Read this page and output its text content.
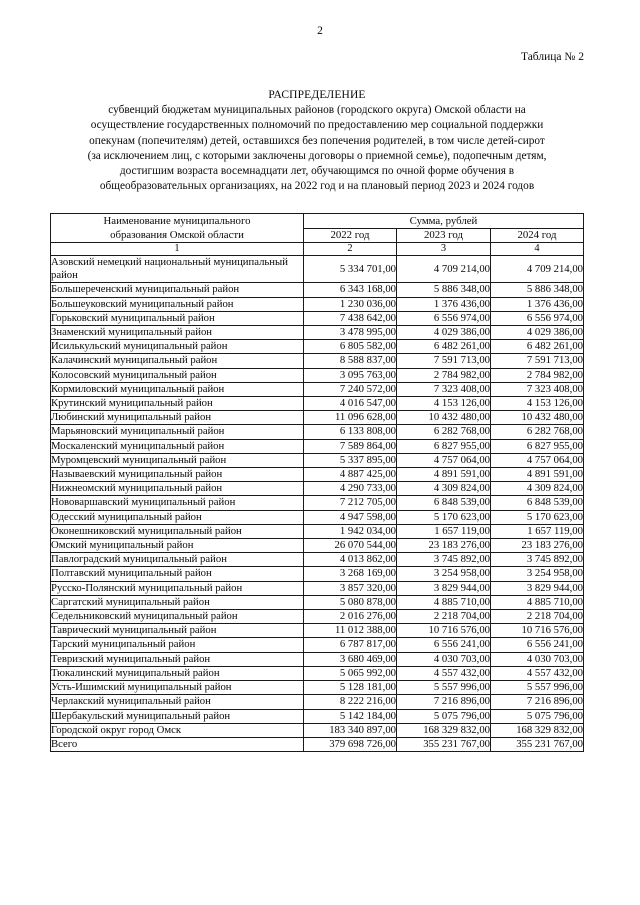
2
Таблица № 2
РАСПРЕДЕЛЕНИЕ

субвенций бюджетам муниципальных районов (городского округа) Омской области на

осуществление государственных полномочий по предоставлению мер социальной поддержки

опекунам (попечителям) детей, оставшихся без попечения родителей, в том числе детей-сирот

(за исключением лиц, с которыми заключены договоры о приемной семье), подопечным детям,

достигшим возраста восемнадцати лет, обучающимся по очной форме обучения в

общеобразовательных организациях, на 2022 год и на плановый период 2023 и 2024 годов

Наименование муниципального
образования Омской области	Сумма, рублей		
	2022 год	2023 год	2024 год
1	2	3	4
Азовский немецкий национальный муниципальный район	5 334 701,00	4 709 214,00	4 709 214,00
Большереченский муниципальный район	6 343 168,00	5 886 348,00	5 886 348,00
Большеуковский муниципальный район	1 230 036,00	1 376 436,00	1 376 436,00
Горьковский муниципальный район	7 438 642,00	6 556 974,00	6 556 974,00
Знаменский муниципальный район	3 478 995,00	4 029 386,00	4 029 386,00
Исилькульский муниципальный район	6 805 582,00	6 482 261,00	6 482 261,00
Калачинский муниципальный район	8 588 837,00	7 591 713,00	7 591 713,00
Колосовский муниципальный район	3 095 763,00	2 784 982,00	2 784 982,00
Кормиловский муниципальный район	7 240 572,00	7 323 408,00	7 323 408,00
Крутинский муниципальный район	4 016 547,00	4 153 126,00	4 153 126,00
Любинский муниципальный район	11 096 628,00	10 432 480,00	10 432 480,00
Марьяновский муниципальный район	6 133 808,00	6 282 768,00	6 282 768,00
Москаленский муниципальный район	7 589 864,00	6 827 955,00	6 827 955,00
Муромцевский муниципальный район	5 337 895,00	4 757 064,00	4 757 064,00
Называевский муниципальный район	4 887 425,00	4 891 591,00	4 891 591,00
Нижнеомский муниципальный район	4 290 733,00	4 309 824,00	4 309 824,00
Нововаршавский муниципальный район	7 212 705,00	6 848 539,00	6 848 539,00
Одесский муниципальный район	4 947 598,00	5 170 623,00	5 170 623,00
Оконешниковский муниципальный район	1 942 034,00	1 657 119,00	1 657 119,00
Омский муниципальный район	26 070 544,00	23 183 276,00	23 183 276,00
Павлоградский муниципальный район	4 013 862,00	3 745 892,00	3 745 892,00
Полтавский муниципальный район	3 268 169,00	3 254 958,00	3 254 958,00
Русско-Полянский муниципальный район	3 857 320,00	3 829 944,00	3 829 944,00
Саргатский муниципальный район	5 080 878,00	4 885 710,00	4 885 710,00
Седельниковский муниципальный район	2 016 276,00	2 218 704,00	2 218 704,00
Таврический муниципальный район	11 012 388,00	10 716 576,00	10 716 576,00
Тарский муниципальный район	6 787 817,00	6 556 241,00	6 556 241,00
Тевризский муниципальный район	3 680 469,00	4 030 703,00	4 030 703,00
Тюкалинский муниципальный район	5 065 992,00	4 557 432,00	4 557 432,00
Усть-Ишимский муниципальный район	5 128 181,00	5 557 996,00	5 557 996,00
Черлакский муниципальный район	8 222 216,00	7 216 896,00	7 216 896,00
Шербакульский муниципальный район	5 142 184,00	5 075 796,00	5 075 796,00
Городской округ город Омск	183 340 897,00	168 329 832,00	168 329 832,00
Всего	379 698 726,00	355 231 767,00	355 231 767,00
